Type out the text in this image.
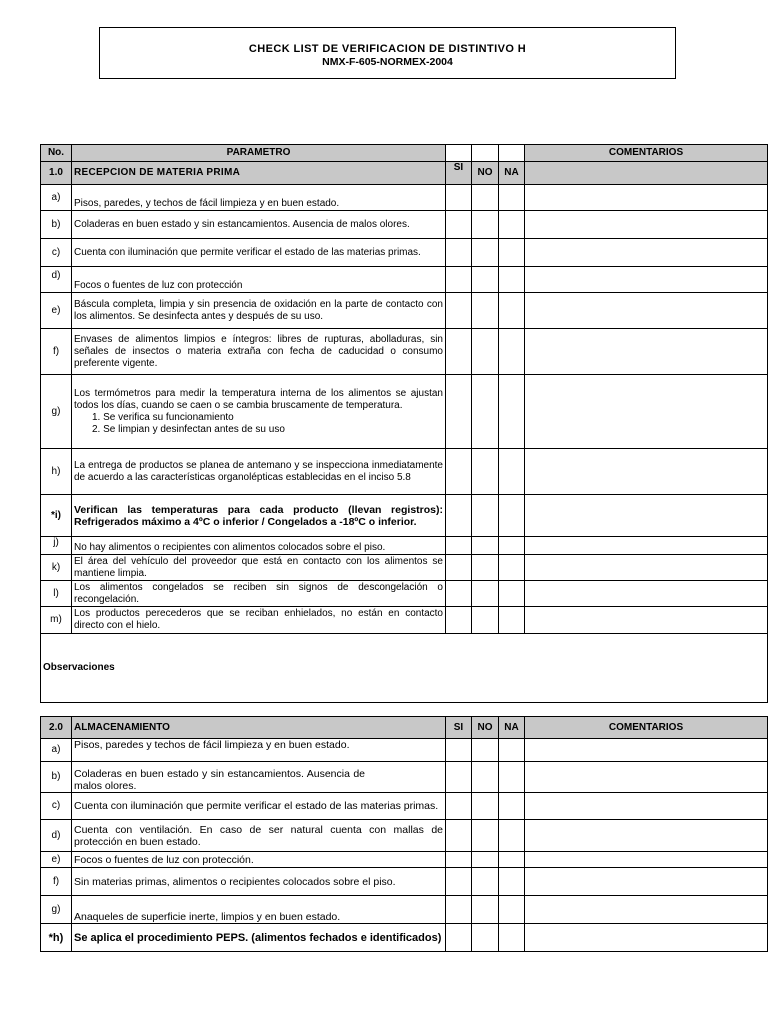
CHECK LIST DE VERIFICACION DE DISTINTIVO H
NMX-F-605-NORMEX-2004
No.	PARAMETRO				COMENTARIOS
1.0	RECEPCION DE MATERIA PRIMA	SI	NO	NA	
a)	Pisos, paredes, y techos de fácil limpieza y en buen estado.				
b)	Coladeras en buen estado y sin estancamientos. Ausencia de malos olores.				
c)	Cuenta con iluminación que permite verificar el estado de las materias primas.				
d)	Focos o fuentes de luz con protección				
e)	Báscula completa, limpia y sin presencia de oxidación en la parte de contacto con los alimentos. Se desinfecta antes y después de su uso.				
f)	Envases de alimentos limpios e íntegros: libres de rupturas, abolladuras, sin señales de insectos o materia extraña con fecha de caducidad o consumo preferente vigente.				
g)	Los termómetros para medir la temperatura interna de los alimentos se ajustan todos los días, cuando se caen o se cambia bruscamente de temperatura.
1. Se verifica su funcionamiento
2. Se limpian y desinfectan antes de su uso				

h)	La entrega de productos se planea de antemano y se inspecciona inmediatamente de acuerdo a las características organolépticas establecidas en el inciso 5.8				
*i)	Verifican las temperaturas para cada producto (llevan registros): Refrigerados máximo a 4ºC o inferior / Congelados a -18ºC o inferior.				
j)	No hay alimentos o recipientes con alimentos colocados sobre el piso.				
k)	El área del vehículo del proveedor que está en contacto con los alimentos se mantiene limpia.				
l)	Los alimentos congelados se reciben sin signos de descongelación o recongelación.				
m)	Los productos perecederos que se reciban enhielados, no están en contacto directo con el hielo.				
Observaciones					
2.0	ALMACENAMIENTO	SI	NO	NA	COMENTARIOS
a)	Pisos, paredes y techos de fácil limpieza y en buen estado.				
b)	Coladeras en buen estado y sin estancamientos. Ausencia de malos olores.				
c)	Cuenta con iluminación que permite verificar el estado de las materias primas.				
d)	Cuenta con ventilación. En caso de ser natural cuenta con mallas de protección en buen estado.				
e)	Focos o fuentes de luz con protección.				
f)	Sin materias primas, alimentos o recipientes colocados sobre el piso.				
g)	Anaqueles de superficie inerte, limpios y en buen estado.				
*h)	Se aplica el procedimiento PEPS. (alimentos fechados e identificados)				
